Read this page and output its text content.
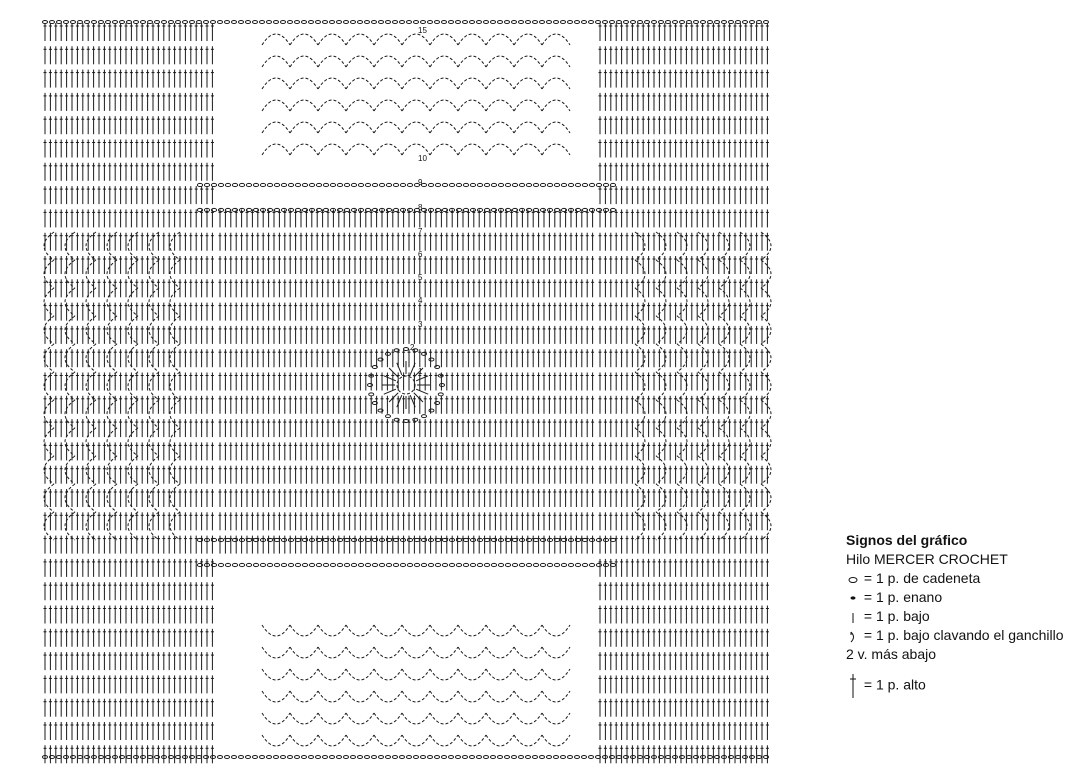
1
2
3
4
5
6
7
8
9
10
15
Signos del gráfico
Hilo MERCER CROCHET
= 1 p. de cadeneta
= 1 p. enano
= 1 p. bajo
= 1 p. bajo clavando el ganchillo
2 v. más abajo
= 1 p. alto
